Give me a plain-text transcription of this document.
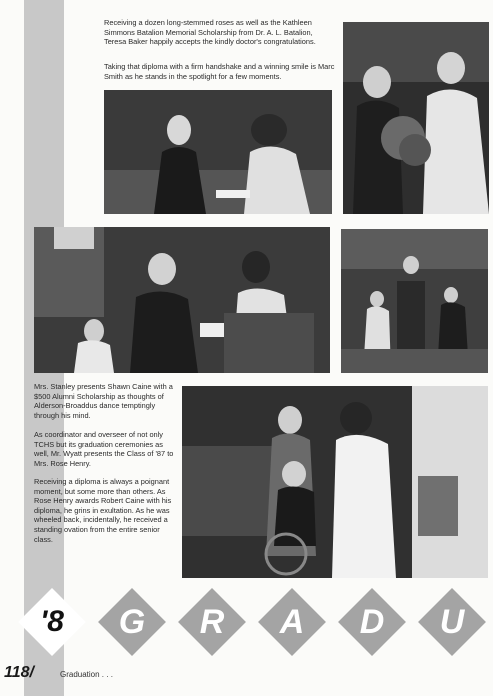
Receiving a dozen long-stemmed roses as well as the Kathleen Simmons Batalion Memorial Scholarship from Dr. A. L. Batalion, Teresa Baker happily accepts the kindly doctor's congratulations.

Taking that diploma with a firm handshake and a winning smile is Marc Smith as he stands in the spotlight for a few moments.

Mrs. Stanley presents Shawn Caine with a $500 Alumni Scholarship as thoughts of Alderson-Broaddus dance temptingly through his mind.

As coordinator and overseer of not only TCHS but its graduation ceremonies as well, Mr. Wyatt presents the Class of '87 to Mrs. Rose Henry.

Receiving a diploma is always a poignant moment, but some more than others. As Rose Henry awards Robert Caine with his diploma, he grins in exultation. As he was wheeled back, incidentally, he received a standing ovation from the entire senior class.

'8	G	R	A	D	U
118/	Graduation . . .
